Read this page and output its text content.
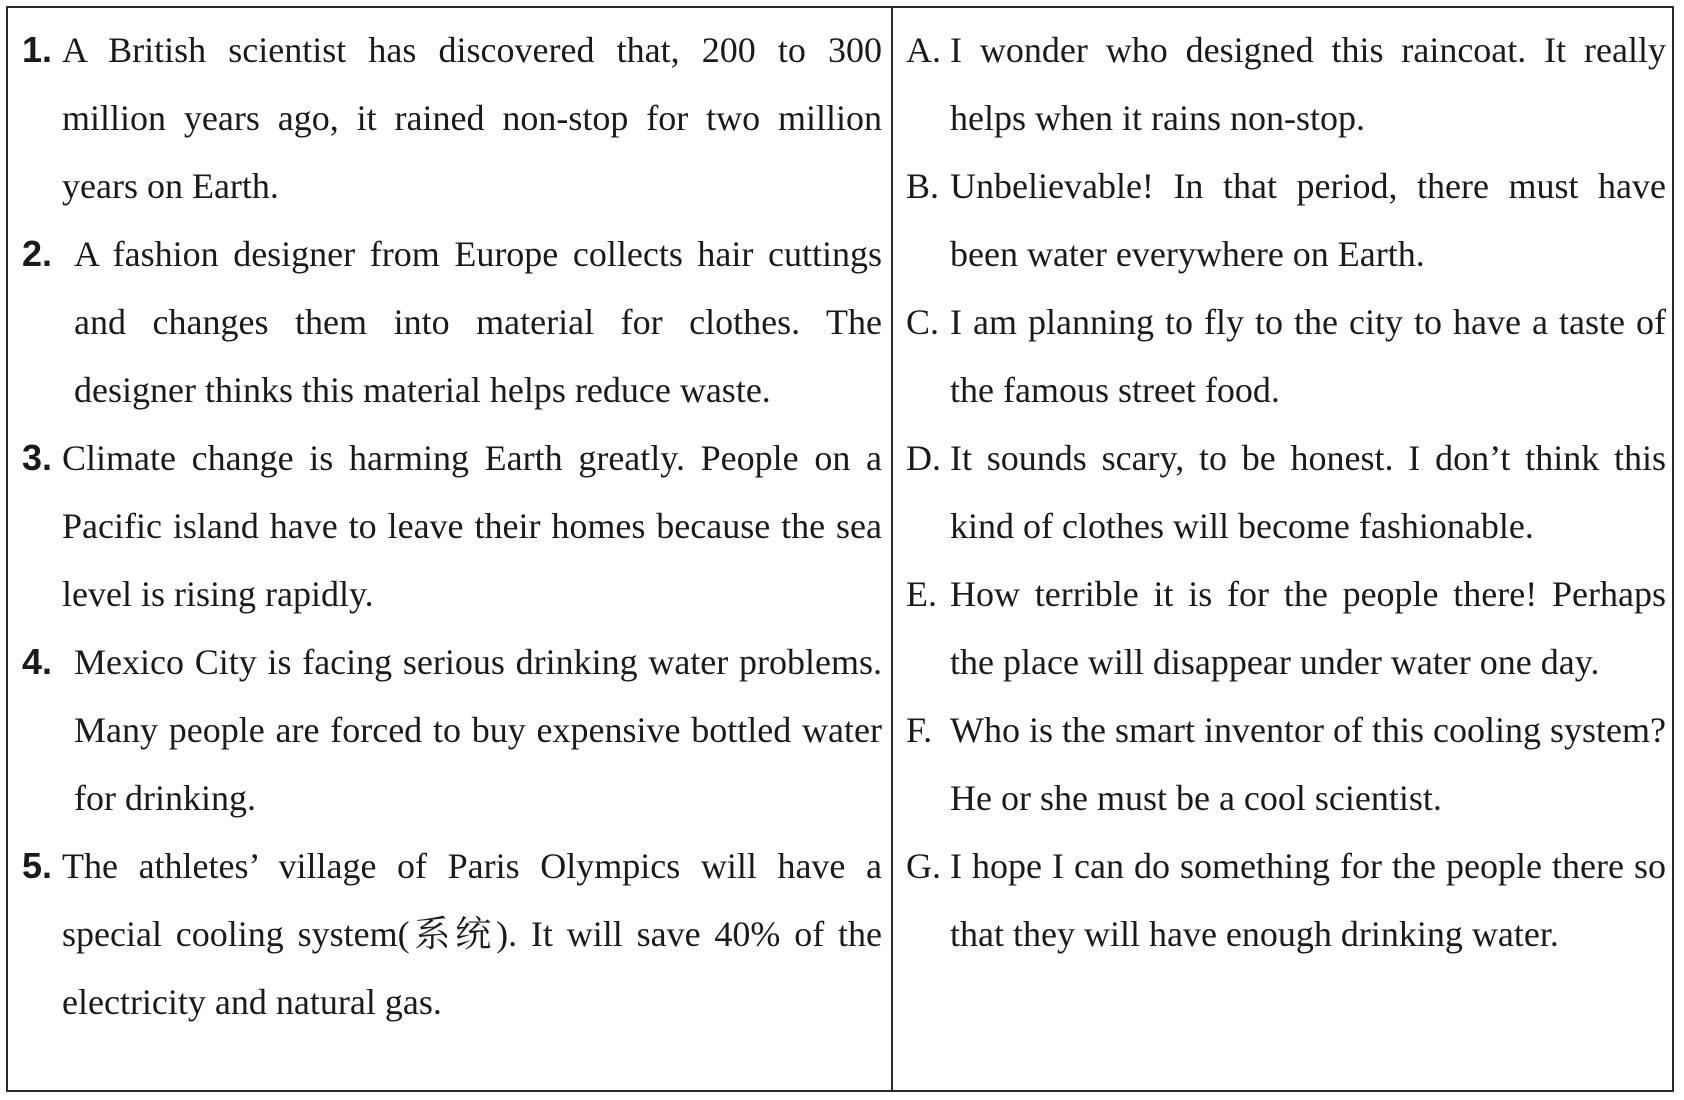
1. A British scientist has discovered that, 200 to 300 million years ago, it rained non-stop for two million years on Earth.
2. A fashion designer from Europe collects hair cuttings and changes them into material for clothes. The designer thinks this material helps reduce waste.
3. Climate change is harming Earth greatly. People on a Pacific island have to leave their homes because the sea level is rising rapidly.
4. Mexico City is facing serious drinking water problems. Many people are forced to buy expensive bottled water for drinking.
5. The athletes’ village of Paris Olympics will have a special cooling system(系统). It will save 40% of the electricity and natural gas.
A. I wonder who designed this raincoat. It really helps when it rains non-stop.
B. Unbelievable! In that period, there must have been water everywhere on Earth.
C. I am planning to fly to the city to have a taste of the famous street food.
D. It sounds scary, to be honest. I don’t think this kind of clothes will become fashionable.
E. How terrible it is for the people there! Perhaps the place will disappear under water one day.
F. Who is the smart inventor of this cooling system? He or she must be a cool scientist.
G. I hope I can do something for the people there so that they will have enough drinking water.
